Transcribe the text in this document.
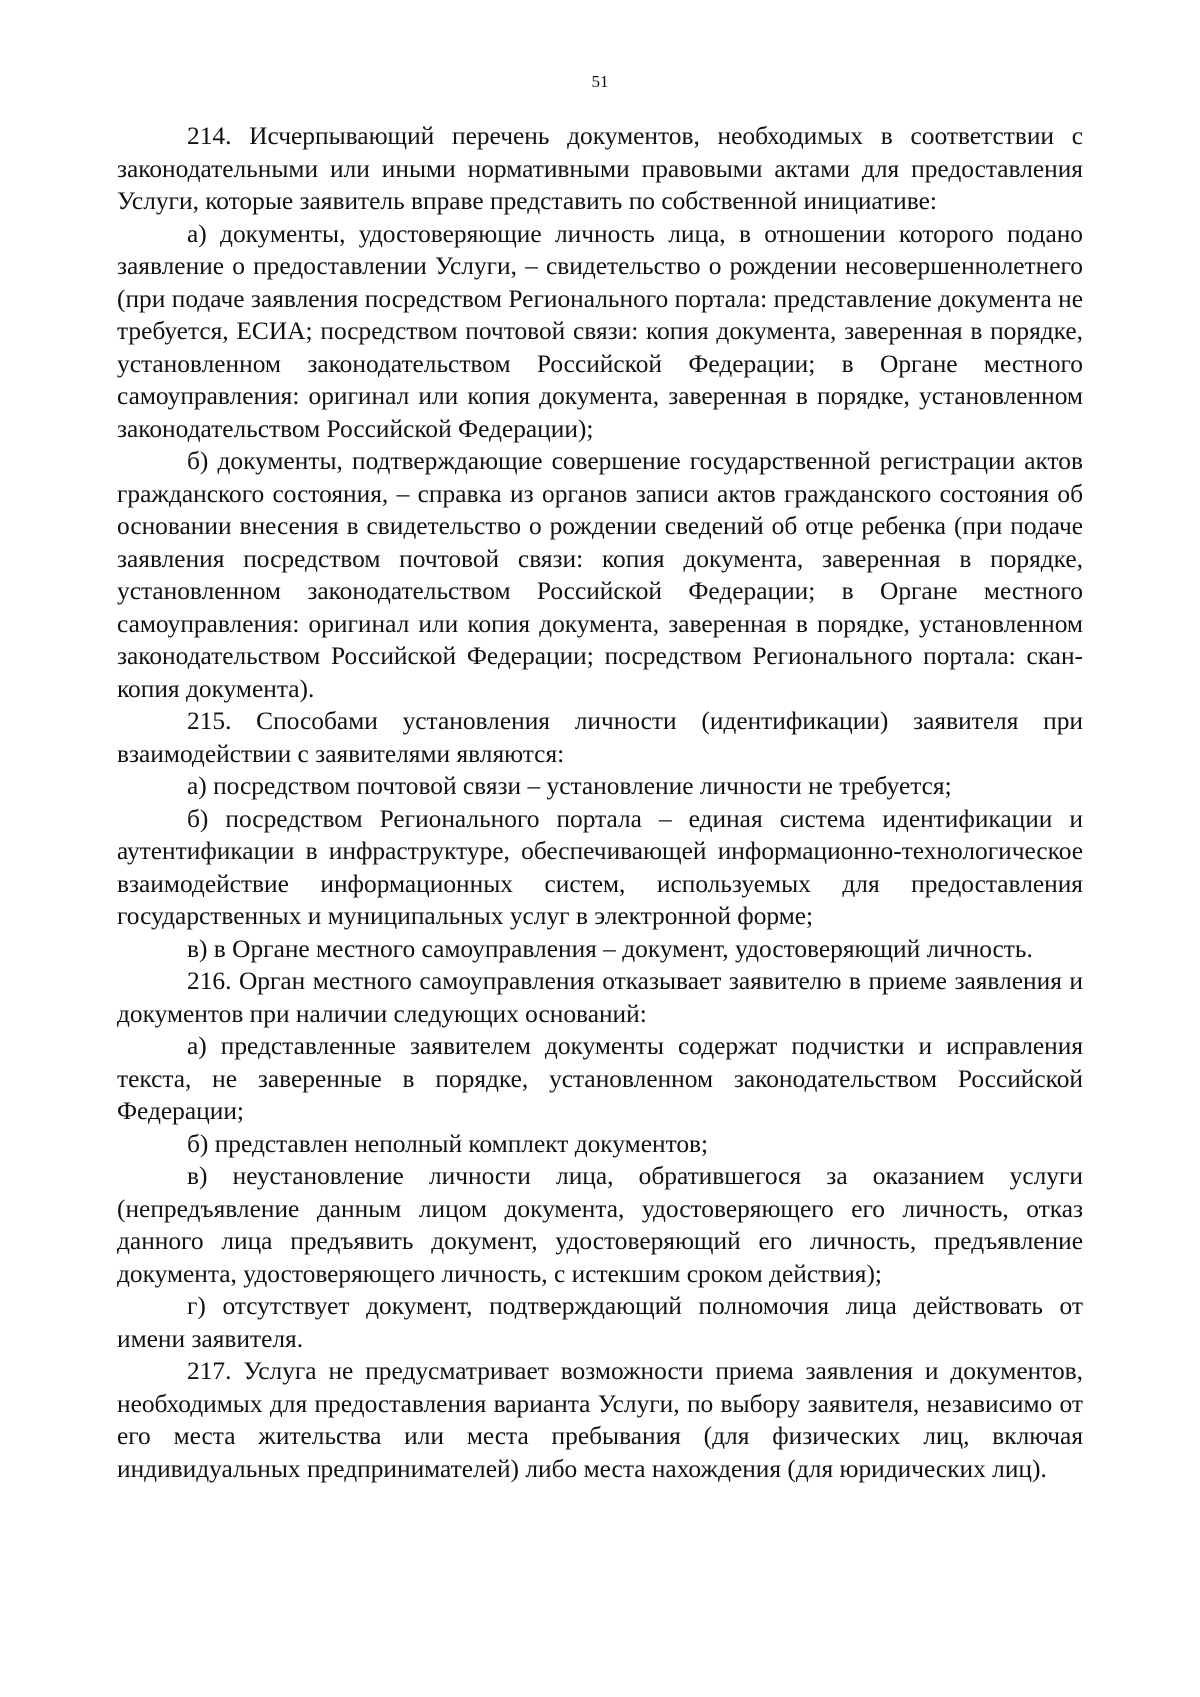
51

214. Исчерпывающий перечень документов, необходимых в соответствии с законодательными или иными нормативными правовыми актами для предоставления Услуги, которые заявитель вправе представить по собственной инициативе:

а) документы, удостоверяющие личность лица, в отношении которого подано заявление о предоставлении Услуги, – свидетельство о рождении несовершеннолетнего (при подаче заявления посредством Регионального портала: представление документа не требуется, ЕСИА; посредством почтовой связи: копия документа, заверенная в порядке, установленном законодательством Российской Федерации; в Органе местного самоуправления: оригинал или копия документа, заверенная в порядке, установленном законодательством Российской Федерации);

б) документы, подтверждающие совершение государственной регистрации актов гражданского состояния, – справка из органов записи актов гражданского состояния об основании внесения в свидетельство о рождении сведений об отце ребенка (при подаче заявления посредством почтовой связи: копия документа, заверенная в порядке, установленном законодательством Российской Федерации; в Органе местного самоуправления: оригинал или копия документа, заверенная в порядке, установленном законодательством Российской Федерации; посредством Регионального портала: скан-копия документа).

215. Способами установления личности (идентификации) заявителя при взаимодействии с заявителями являются:

а) посредством почтовой связи – установление личности не требуется;

б) посредством Регионального портала – единая система идентификации и аутентификации в инфраструктуре, обеспечивающей информационно-технологическое взаимодействие информационных систем, используемых для предоставления государственных и муниципальных услуг в электронной форме;

в) в Органе местного самоуправления – документ, удостоверяющий личность.

216. Орган местного самоуправления отказывает заявителю в приеме заявления и документов при наличии следующих оснований:

а) представленные заявителем документы содержат подчистки и исправления текста, не заверенные в порядке, установленном законодательством Российской Федерации;

б) представлен неполный комплект документов;

в) неустановление личности лица, обратившегося за оказанием услуги (непредъявление данным лицом документа, удостоверяющего его личность, отказ данного лица предъявить документ, удостоверяющий его личность, предъявление документа, удостоверяющего личность, с истекшим сроком действия);

г) отсутствует документ, подтверждающий полномочия лица действовать от имени заявителя.

217. Услуга не предусматривает возможности приема заявления и документов, необходимых для предоставления варианта Услуги, по выбору заявителя, независимо от его места жительства или места пребывания (для физических лиц, включая индивидуальных предпринимателей) либо места нахождения (для юридических лиц).
